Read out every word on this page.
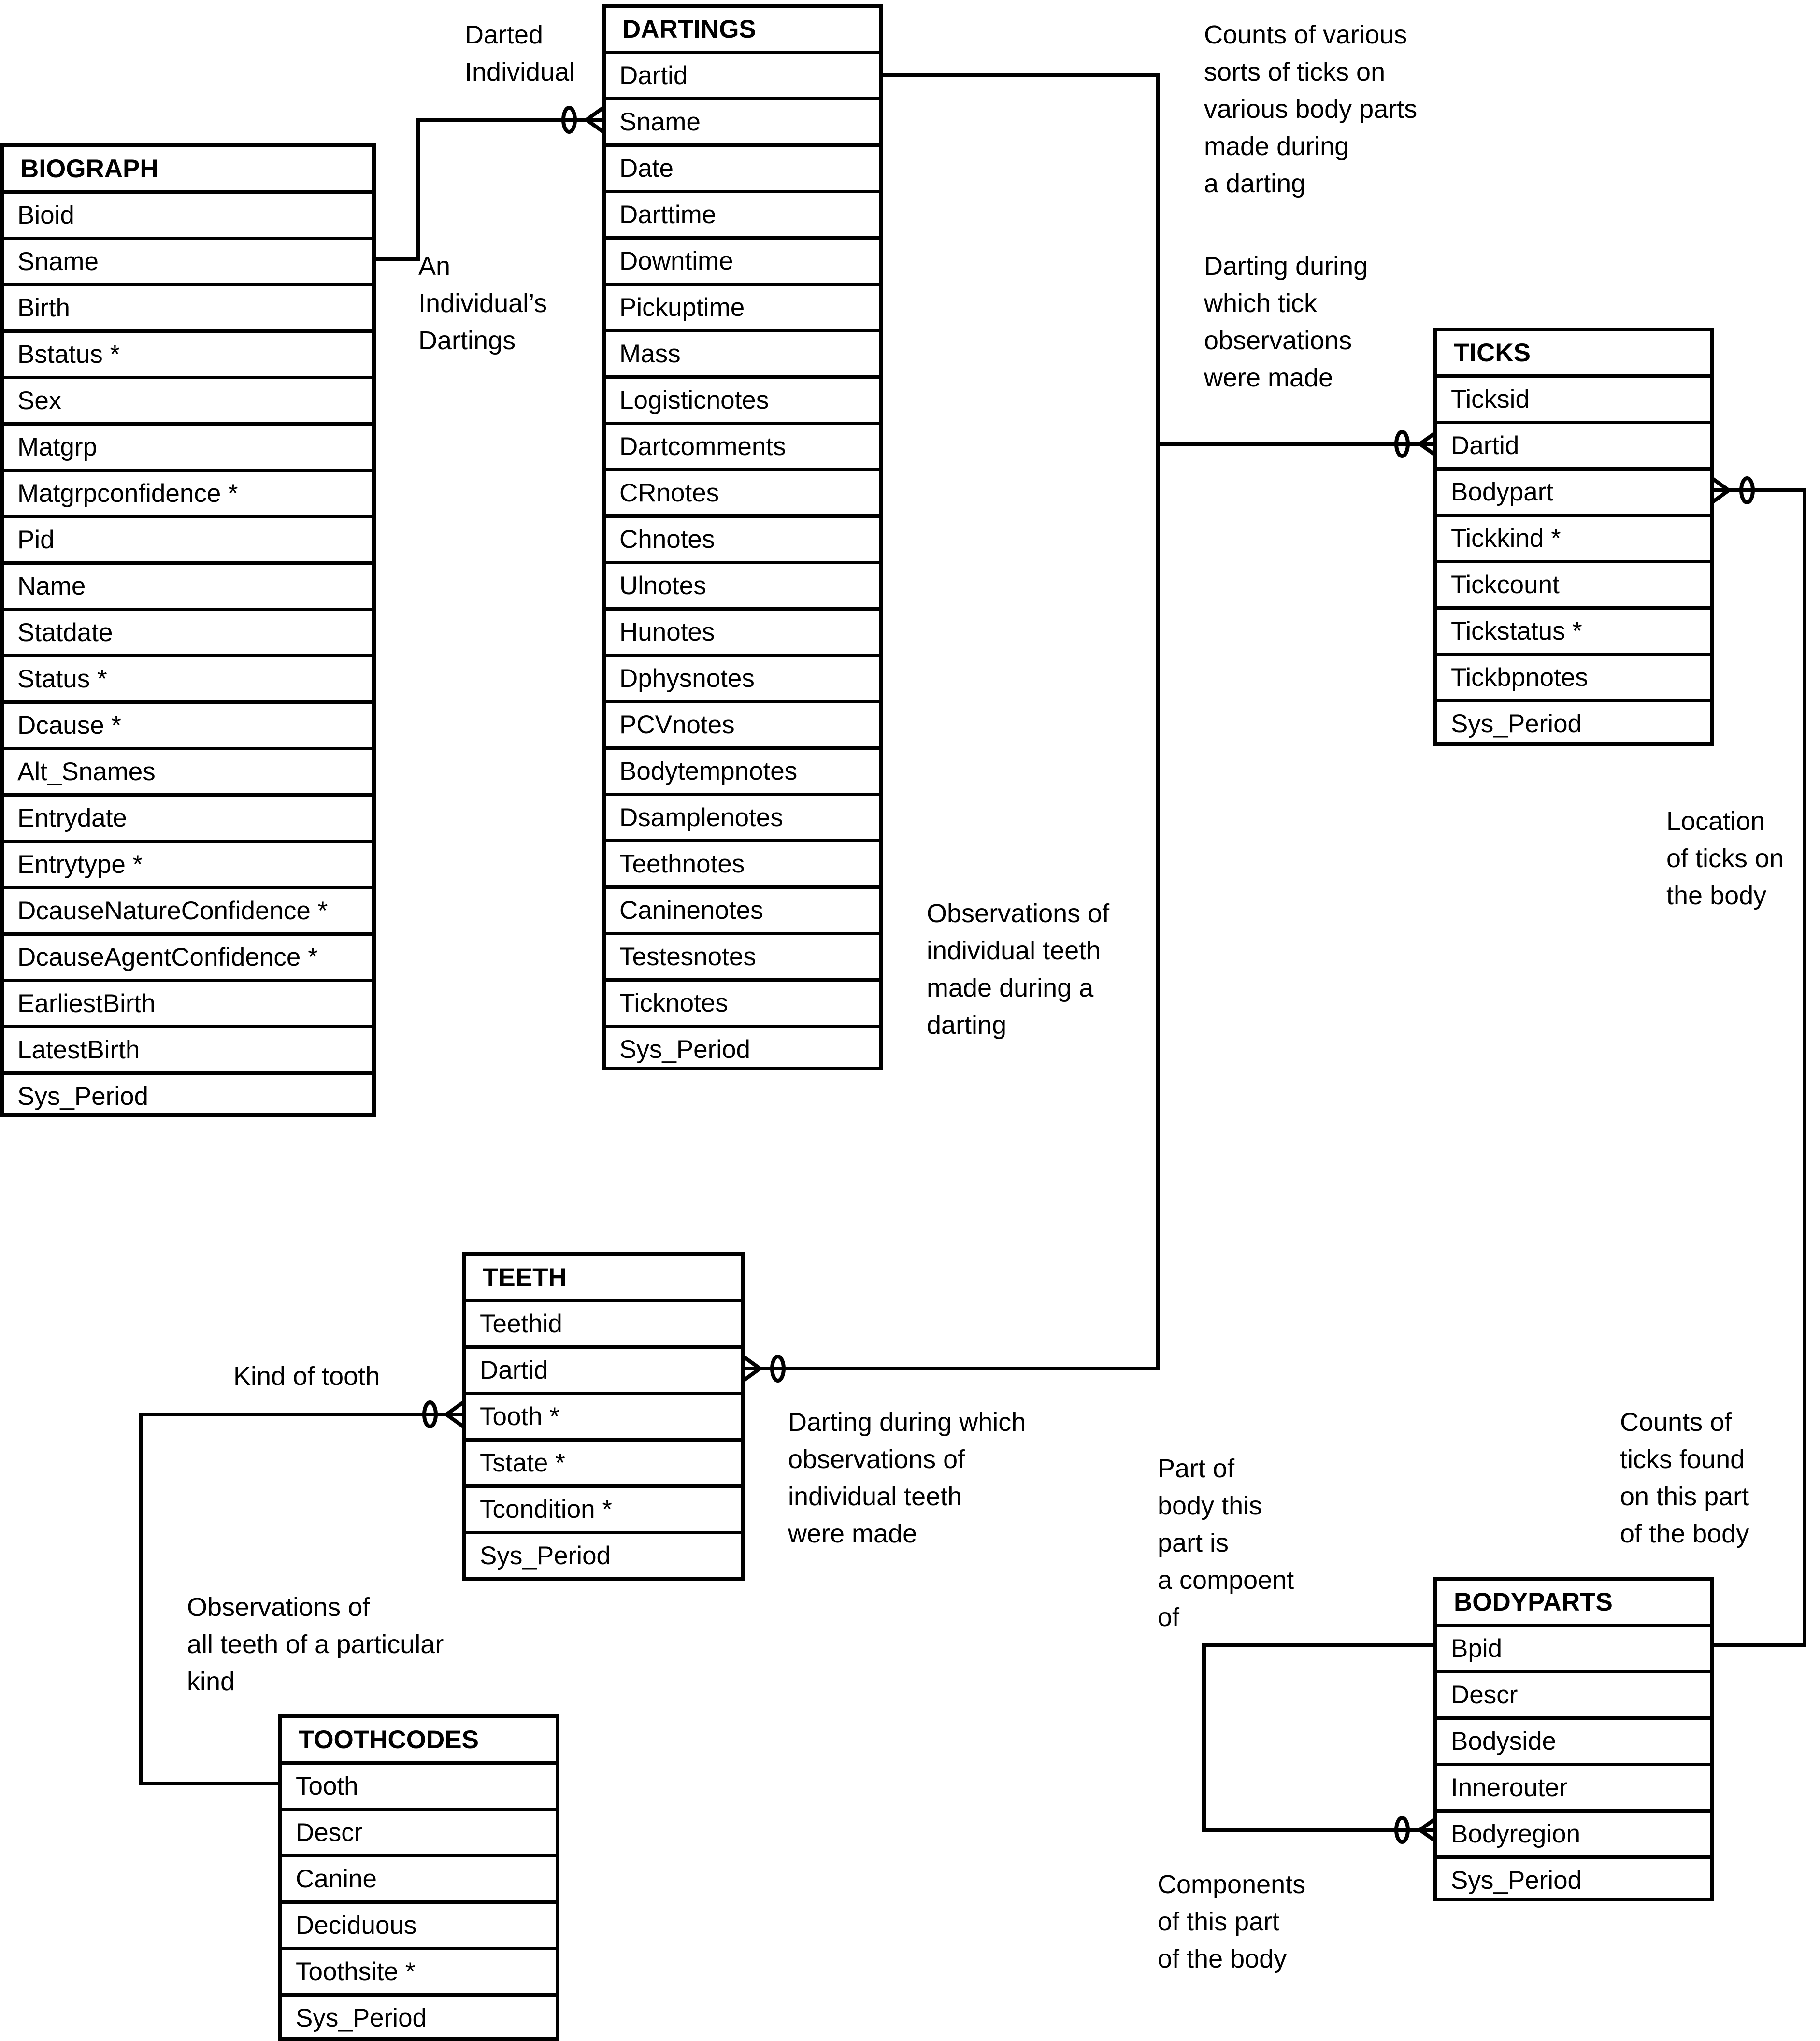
BIOGRAPH
Bioid
Sname
Birth
Bstatus *
Sex
Matgrp
Matgrpconfidence *
Pid
Name
Statdate
Status *
Dcause *
Alt_Snames
Entrydate
Entrytype *
DcauseNatureConfidence *
DcauseAgentConfidence *
EarliestBirth
LatestBirth
Sys_Period
DARTINGS
Dartid
Sname
Date
Darttime
Downtime
Pickuptime
Mass
Logisticnotes
Dartcomments
CRnotes
Chnotes
Ulnotes
Hunotes
Dphysnotes
PCVnotes
Bodytempnotes
Dsamplenotes
Teethnotes
Caninenotes
Testesnotes
Ticknotes
Sys_Period
TICKS
Ticksid
Dartid
Bodypart
Tickkind *
Tickcount
Tickstatus *
Tickbpnotes
Sys_Period
TEETH
Teethid
Dartid
Tooth *
Tstate *
Tcondition *
Sys_Period
TOOTHCODES
Tooth
Descr
Canine
Deciduous
Toothsite *
Sys_Period
BODYPARTS
Bpid
Descr
Bodyside
Innerouter
Bodyregion
Sys_Period
Darted
Individual
An
Individual’s
Dartings
Counts of various
sorts of ticks on
various body parts
made during
a darting
Darting during
which tick
observations
were made
Location
of ticks on
the body
Observations of
individual teeth
made during a
darting
Kind of tooth
Darting during which
observations of
individual teeth
were made
Observations of
all teeth of a particular
kind
Part of
body this
part is
a compoent
of
Counts of
ticks found
on this part
of the body
Components
of this part
of the body
